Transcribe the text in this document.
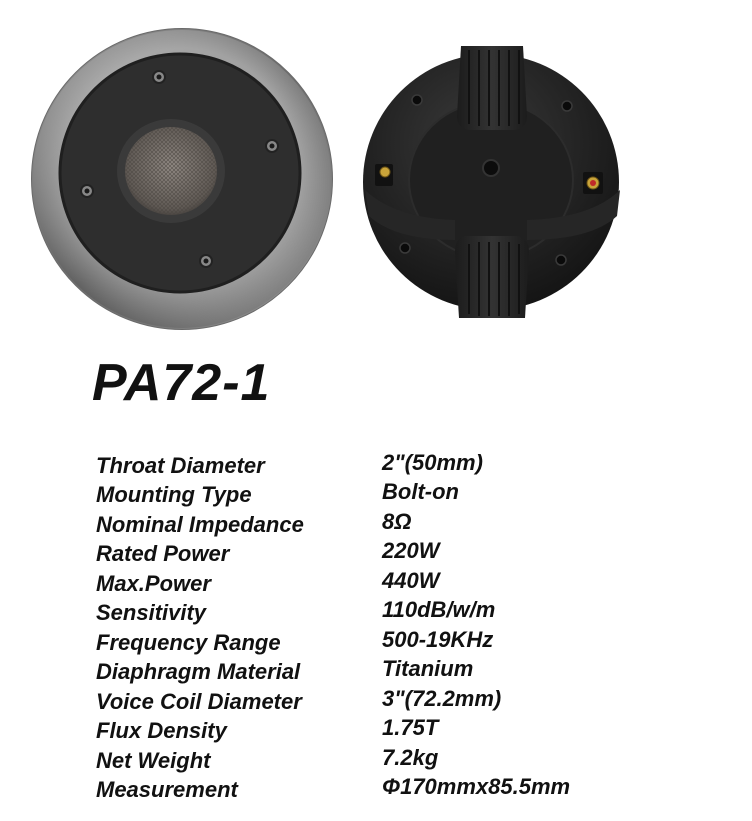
PA72-1
Throat Diameter	2"(50mm)
Mounting Type	Bolt-on
Nominal Impedance	8Ω
Rated Power	220W
Max.Power	440W
Sensitivity	110dB/w/m
Frequency Range	500-19KHz
Diaphragm Material	Titanium
Voice Coil Diameter	3"(72.2mm)
Flux Density	1.75T
Net Weight	7.2kg
Measurement	Φ170mmx85.5mm
